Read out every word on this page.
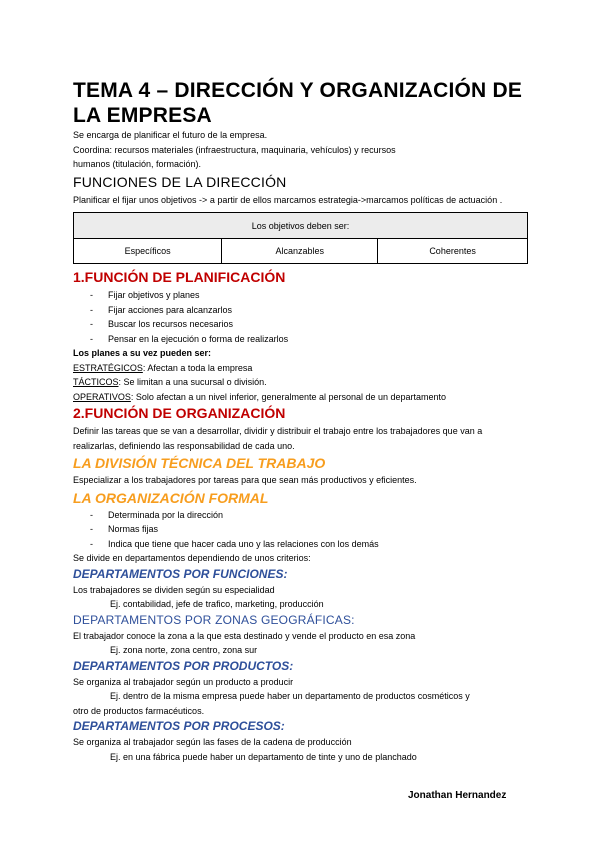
TEMA 4 – DIRECCIÓN Y ORGANIZACIÓN DE LA EMPRESA

Se encarga de planificar el futuro de la empresa.

Coordina: recursos materiales (infraestructura, maquinaria, vehículos) y recursos

humanos (titulación, formación).

FUNCIONES DE LA DIRECCIÓN

Planificar el fijar unos objetivos -> a partir de ellos marcamos estrategia->marcamos políticas de actuación .

Los objetivos deben ser:
Específicos	Alcanzables	Coherentes
1.FUNCIÓN DE PLANIFICACIÓN
- Fijar objetivos y planes
- Fijar acciones para alcanzarlos
- Buscar los recursos necesarios
- Pensar en la ejecución o forma de realizarlos

Los planes a su vez pueden ser:

ESTRATÉGICOS: Afectan a toda la empresa

TÁCTICOS: Se limitan a una sucursal o división.

OPERATIVOS: Solo afectan a un nivel inferior, generalmente al personal de un departamento

2.FUNCIÓN DE ORGANIZACIÓN

Definir las tareas que se van a desarrollar, dividir y distribuir el trabajo entre los trabajadores que van a realizarlas, definiendo las responsabilidad de cada uno.

LA DIVISIÓN TÉCNICA DEL TRABAJO

Especializar a los trabajadores por tareas para que sean más productivos y eficientes.

LA ORGANIZACIÓN FORMAL
- Determinada por la dirección
- Normas fijas
- Indica que tiene que hacer cada uno y las relaciones con los demás

Se divide en departamentos dependiendo de unos criterios:

DEPARTAMENTOS POR FUNCIONES:

Los trabajadores se dividen según su especialidad

Ej. contabilidad, jefe de trafico, marketing, producción

DEPARTAMENTOS POR ZONAS GEOGRÁFICAS:

El trabajador conoce la zona a la que esta destinado y vende el producto en esa zona

Ej. zona norte, zona centro, zona sur

DEPARTAMENTOS POR PRODUCTOS:

Se organiza al trabajador según un producto a producir

Ej. dentro de la misma empresa puede haber un departamento de productos cosméticos y

otro de productos farmacéuticos.

DEPARTAMENTOS POR PROCESOS:

Se organiza al trabajador según las fases de la cadena de producción

Ej. en una fábrica puede haber un departamento de tinte y uno de planchado

Jonathan Hernandez
